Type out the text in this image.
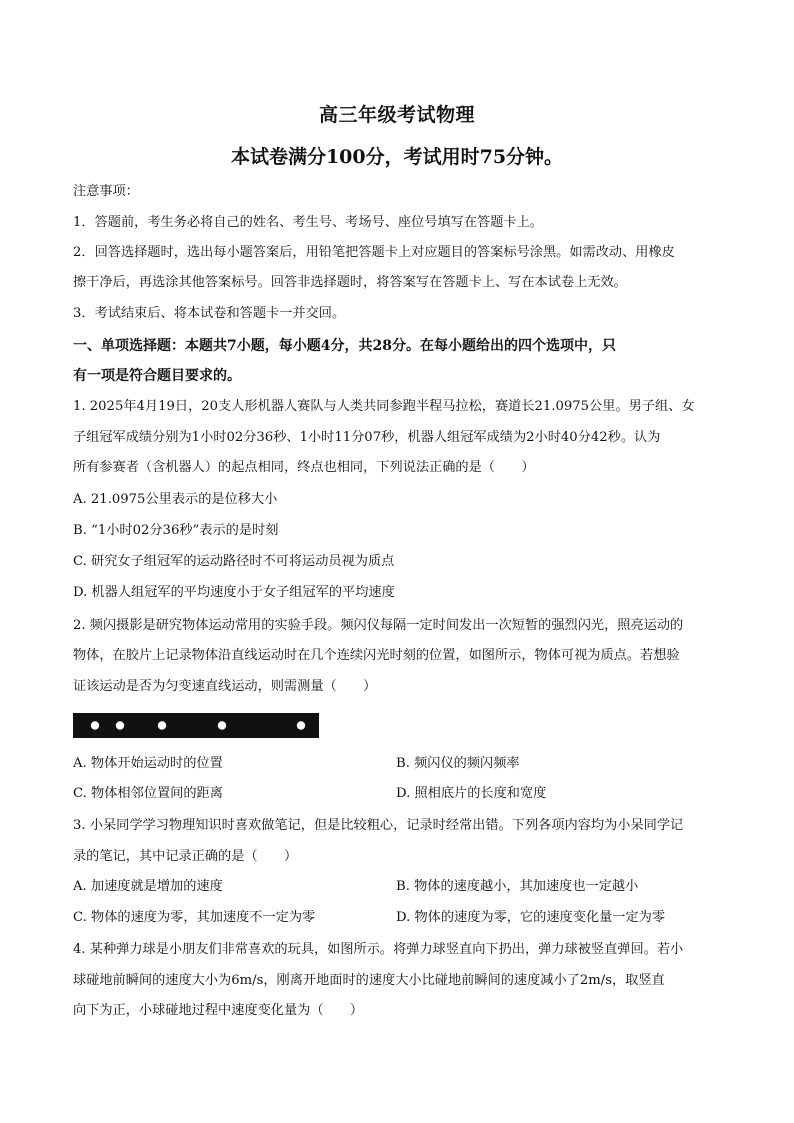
高三年级考试物理
本试卷满分100分，考试用时75分钟。
注意事项：
1．答题前，考生务必将自己的姓名、考生号、考场号、座位号填写在答题卡上。
2．回答选择题时，选出每小题答案后，用铅笔把答题卡上对应题目的答案标号涂黑。如需改动、用橡皮
擦干净后，再选涂其他答案标号。回答非选择题时，将答案写在答题卡上、写在本试卷上无效。
3．考试结束后、将本试卷和答题卡一并交回。
一、单项选择题：本题共7小题，每小题4分，共28分。在每小题给出的四个选项中，只
有一项是符合题目要求的。
1. 2025年4月19日，20支人形机器人赛队与人类共同参跑半程马拉松，赛道长21.0975公里。男子组、女
子组冠军成绩分别为1小时02分36秒、1小时11分07秒，机器人组冠军成绩为2小时40分42秒。认为
所有参赛者（含机器人）的起点相同，终点也相同，下列说法正确的是（　　）
A. 21.0975公里表示的是位移大小
B. “1小时02分36秒”表示的是时刻
C. 研究女子组冠军的运动路径时不可将运动员视为质点
D. 机器人组冠军的平均速度小于女子组冠军的平均速度
2. 频闪摄影是研究物体运动常用的实验手段。频闪仪每隔一定时间发出一次短暂的强烈闪光，照亮运动的
物体，在胶片上记录物体沿直线运动时在几个连续闪光时刻的位置，如图所示，物体可视为质点。若想验
证该运动是否为匀变速直线运动，则需测量（　　）
A. 物体开始运动时的位置	B. 频闪仪的频闪频率
C. 物体相邻位置间的距离	D. 照相底片的长度和宽度
3. 小呆同学学习物理知识时喜欢做笔记，但是比较粗心，记录时经常出错。下列各项内容均为小呆同学记
录的笔记，其中记录正确的是（　　）
A. 加速度就是增加的速度	B. 物体的速度越小，其加速度也一定越小
C. 物体的速度为零，其加速度不一定为零	D. 物体的速度为零，它的速度变化量一定为零
4. 某种弹力球是小朋友们非常喜欢的玩具，如图所示。将弹力球竖直向下扔出，弹力球被竖直弹回。若小
球碰地前瞬间的速度大小为6m/s，刚离开地面时的速度大小比碰地前瞬间的速度减小了2m/s，取竖直
向下为正，小球碰地过程中速度变化量为（　　）
